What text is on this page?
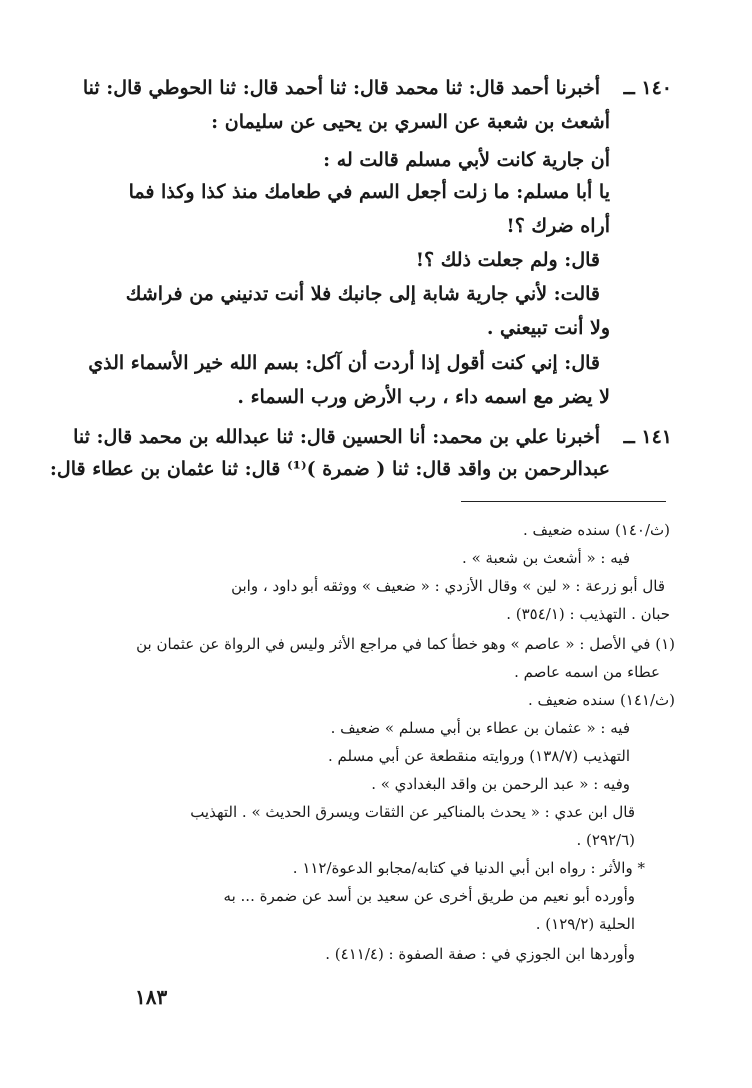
١٤٠ ــ
أخبرنا أحمد قال: ثنا محمد قال: ثنا أحمد قال: ثنا الحوطي قال: ثنا
أشعث بن شعبة عن السري بن يحيى عن سليمان :
أن جارية كانت لأبي مسلم قالت له :
يا أبا مسلم: ما زلت أجعل السم في طعامك منذ كذا وكذا فما
أراه ضرك ؟!
قال: ولم جعلت ذلك ؟!
قالت: لأني جارية شابة إلى جانبك فلا أنت تدنيني من فراشك
ولا أنت تبيعني .
قال: إني كنت أقول إذا أردت أن آكل: بسم الله خير الأسماء الذي
لا يضر مع اسمه داء ، رب الأرض ورب السماء .
١٤١ ــ
أخبرنا علي بن محمد: أنا الحسين قال: ثنا عبدالله بن محمد قال: ثنا
عبدالرحمن بن واقد قال: ثنا ( ضمرة )⁽¹⁾ قال: ثنا عثمان بن عطاء قال:
(ث/١٤٠) سنده ضعيف .
فيه : « أشعث بن شعبة » .
قال أبو زرعة : « لين » وقال الأزدي : « ضعيف » ووثقه أبو داود ، وابن
حبان . التهذيب : (٣٥٤/١) .
(١) في الأصل : « عاصم » وهو خطأ كما في مراجع الأثر وليس في الرواة عن عثمان بن
عطاء من اسمه عاصم .
(ث/١٤١) سنده ضعيف .
فيه : « عثمان بن عطاء بن أبي مسلم » ضعيف .
التهذيب (١٣٨/٧) وروايته منقطعة عن أبي مسلم .
وفيه : « عبد الرحمن بن واقد البغدادي » .
قال ابن عدي : « يحدث بالمناكير عن الثقات ويسرق الحديث » . التهذيب
(٢٩٢/٦) .
* والأثر : رواه ابن أبي الدنيا في كتابه/مجابو الدعوة/١١٢ .
وأورده أبو نعيم من طريق أخرى عن سعيد بن أسد عن ضمرة ... به
الحلية (١٢٩/٢) .
وأوردها ابن الجوزي في : صفة الصفوة : (٤١١/٤) .
١٨٣
